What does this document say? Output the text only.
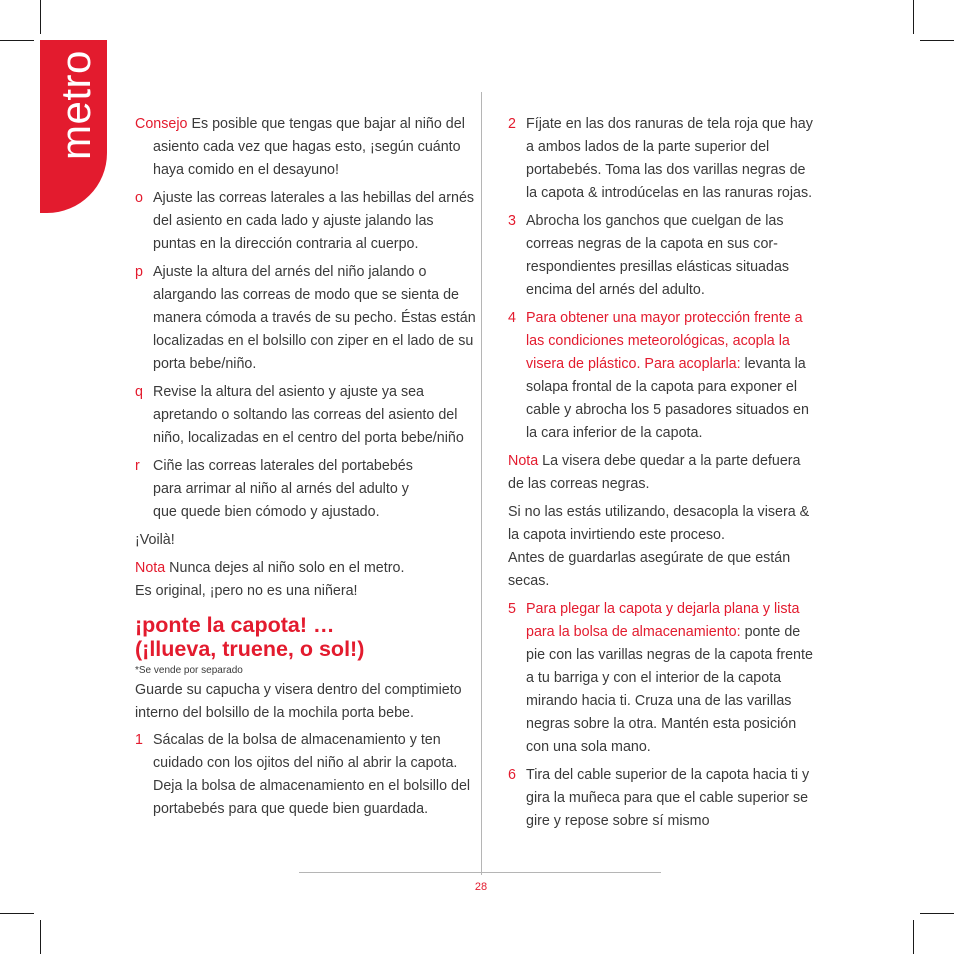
metro	Consejo Es posible que tengas que bajar al niño del asiento cada vez que hagas esto, ¡según cuánto haya comido en el desayuno!

o Ajuste las correas laterales a las hebillas del arnés del asiento en cada lado y ajuste jalando las puntas en la dirección contraria al cuerpo.
p Ajuste la altura del arnés del niño jalando o alargando las correas de modo que se sienta de manera cómoda a través de su pecho. Éstas están localizadas en el bolsillo con ziper en el lado de su porta bebe/niño.
q Revise la altura del asiento y ajuste ya sea apretando o soltando las correas del asiento del niño, localizadas en el centro del porta bebe/niño
r Ciñe las correas laterales del portabebés para arrimar al niño al arnés del adulto y que quede bien cómodo y ajustado.

¡Voilà!

Nota Nunca dejes al niño solo en el metro.
Es original, ¡pero no es una niñera!

¡ponte la capota! …
(¡llueva, truene, o sol!)

*Se vende por separado

Guarde su capucha y visera dentro del comptimieto interno del bolsillo de la mochila porta bebe.

1 Sácalas de la bolsa de almacenamiento y ten cuidado con los ojitos del niño al abrir la capota. Deja la bolsa de almacenamiento en el bolsillo del portabebés para que quede bien guardada.
2 Fíjate en las dos ranuras de tela roja que hay a ambos lados de la parte superior del portabebés. Toma las dos varillas negras de la capota & introdúcelas en las ranuras rojas.
3 Abrocha los ganchos que cuelgan de las correas negras de la capota en sus cor- respondientes presillas elásticas situadas encima del arnés del adulto.
4 Para obtener una mayor protección frente a las condiciones meteorológicas, acopla la visera de plástico. Para acoplarla: levanta la solapa frontal de la capota para exponer el cable y abrocha los 5 pasadores situados en la cara inferior de la capota.

Nota La visera debe quedar a la parte defuera de las correas negras.

Si no las estás utilizando, desacopla la visera & la capota invirtiendo este proceso.
Antes de guardarlas asegúrate de que están secas.

5 Para plegar la capota y dejarla plana y lista para la bolsa de almacenamiento: ponte de pie con las varillas negras de la capota frente a tu barriga y con el interior de la capota mirando hacia ti. Cruza una de las varillas negras sobre la otra. Mantén esta posición con una sola mano.
6 Tira del cable superior de la capota hacia ti y gira la muñeca para que el cable superior se gire y repose sobre sí mismo
28
